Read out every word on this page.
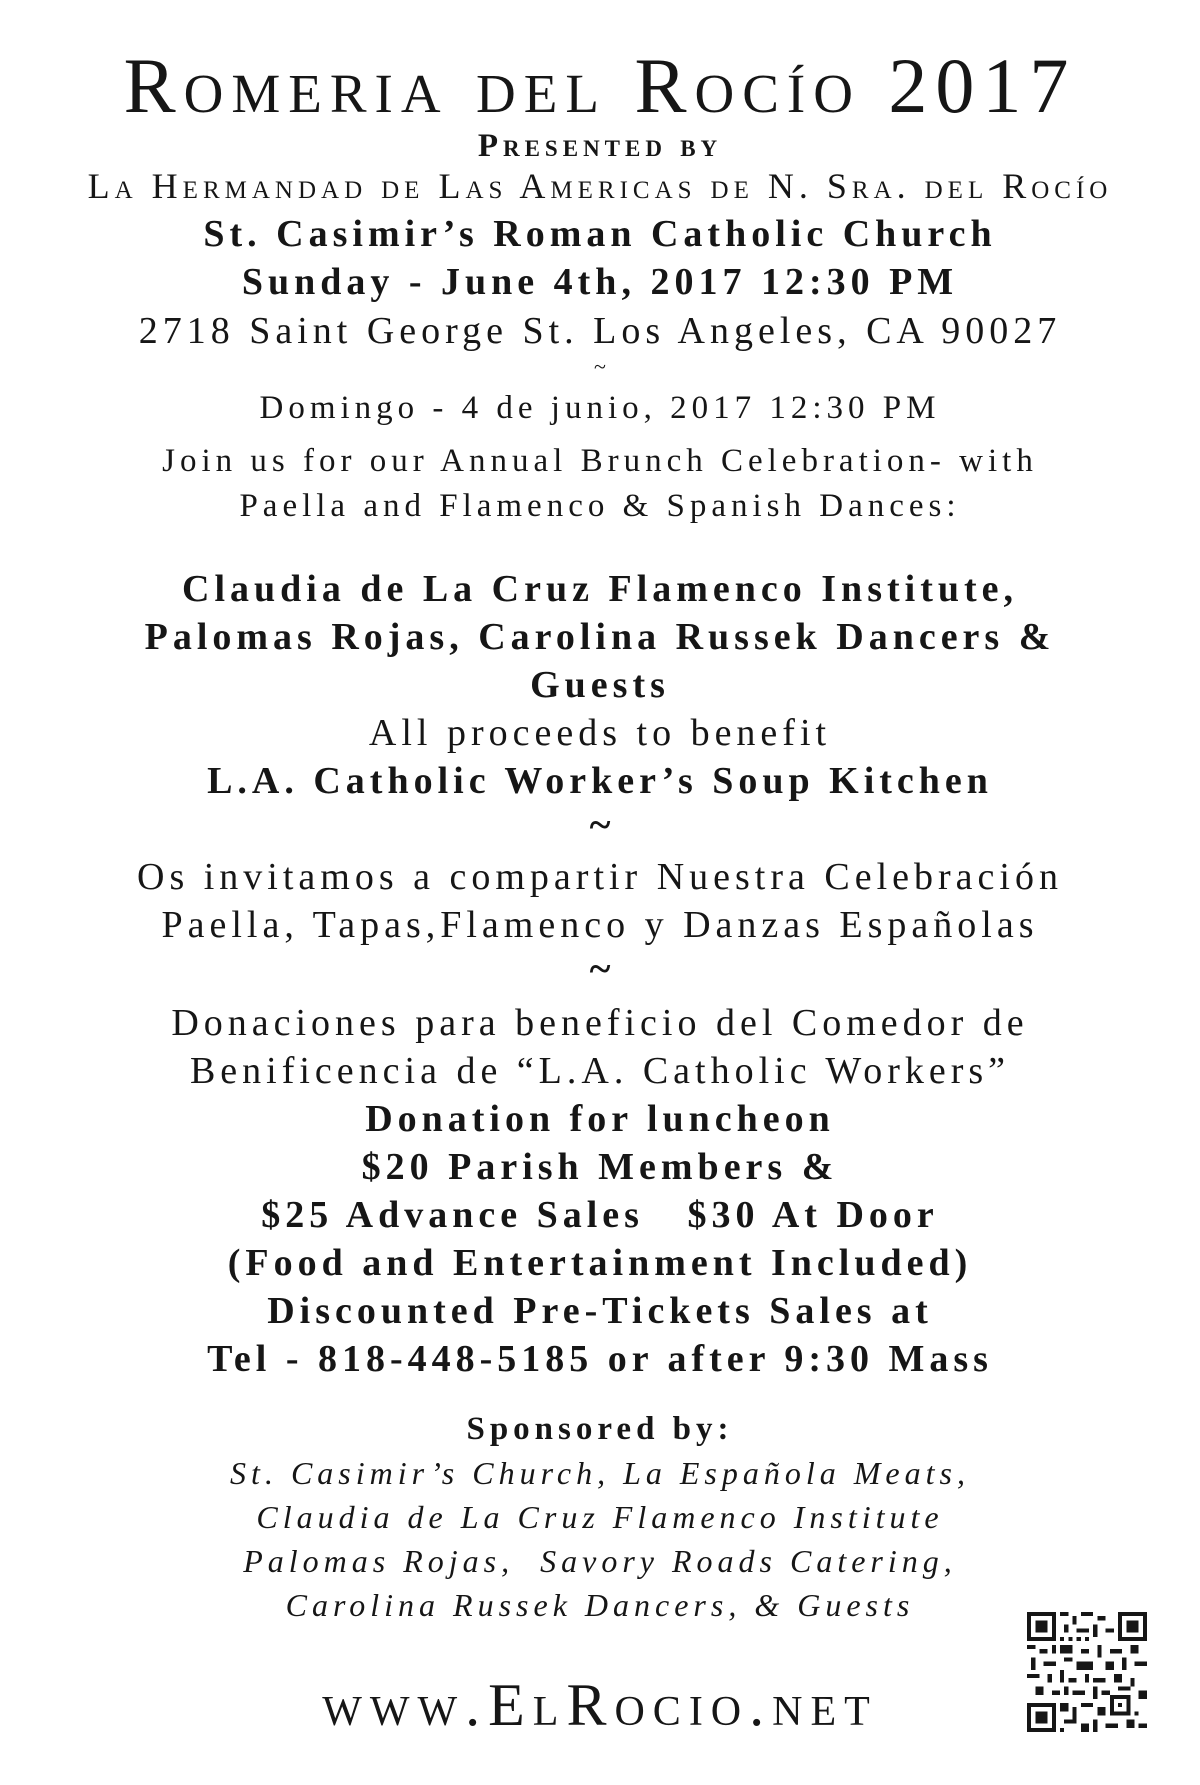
Romeria del Rocío 2017
Presented by
La Hermandad de Las Americas de N. Sra. del Rocío
St. Casimir’s Roman Catholic Church
Sunday - June 4th, 2017 12:30 PM
2718 Saint George St. Los Angeles, CA 90027
~
Domingo - 4 de junio, 2017 12:30 PM
Join us for our Annual Brunch Celebration- with
Paella and Flamenco & Spanish Dances:
Claudia de La Cruz Flamenco Institute,
Palomas Rojas, Carolina Russek Dancers &
Guests
All proceeds to benefit
L.A. Catholic Worker’s Soup Kitchen
~
Os invitamos a compartir Nuestra Celebración
Paella, Tapas,Flamenco y Danzas Españolas
~
Donaciones para beneficio del Comedor de
Benificencia de “L.A. Catholic Workers”
Donation for luncheon
$20 Parish Members &
$25 Advance Sales   $30 At Door
(Food and Entertainment Included)
Discounted Pre-Tickets Sales at
Tel - 818-448-5185 or after 9:30 Mass
Sponsored by:
St. Casimir’s Church, La Española Meats,
Claudia de La Cruz Flamenco Institute
Palomas Rojas,  Savory Roads Catering,
Carolina Russek Dancers, & Guests
www.ElRocio.net
